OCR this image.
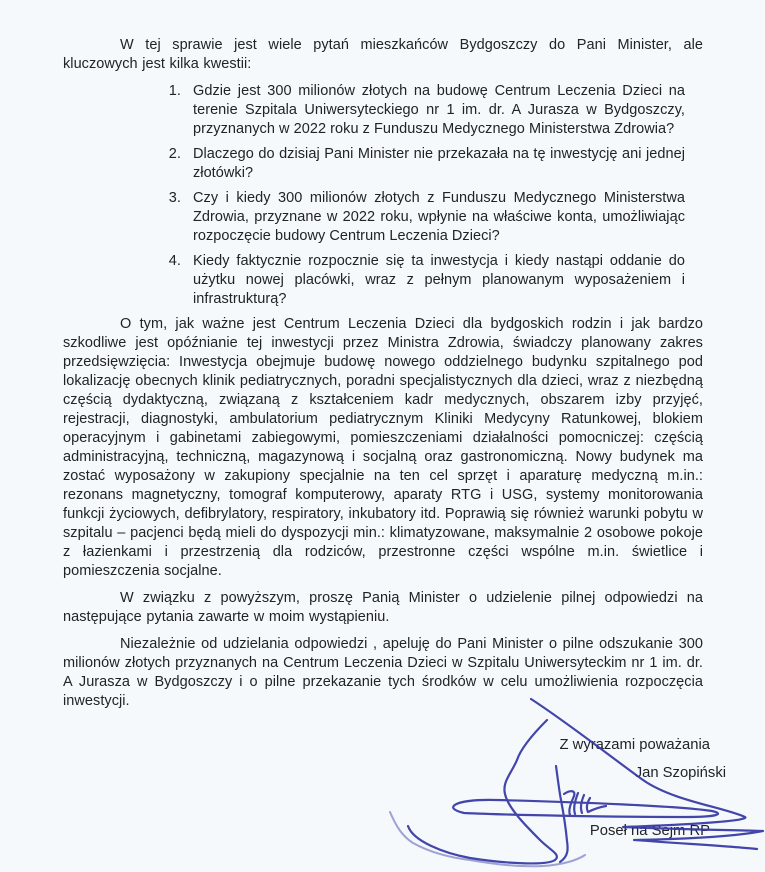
W tej sprawie jest wiele pytań mieszkańców Bydgoszczy do Pani Minister, ale kluczowych jest kilka kwestii:

1. Gdzie jest 300 milionów złotych na budowę Centrum Leczenia Dzieci na terenie Szpitala Uniwersyteckiego nr 1 im. dr. A Jurasza w Bydgoszczy, przyznanych w 2022 roku z Funduszu Medycznego Ministerstwa Zdrowia?
2. Dlaczego do dzisiaj Pani Minister nie przekazała na tę inwestycję ani jednej złotówki?
3. Czy i kiedy 300 milionów złotych z Funduszu Medycznego Ministerstwa Zdrowia, przyznane w 2022 roku, wpłynie na właściwe konta, umożliwiając rozpoczęcie budowy Centrum Leczenia Dzieci?
4. Kiedy faktycznie rozpocznie się ta inwestycja i kiedy nastąpi oddanie do użytku nowej placówki, wraz z pełnym planowanym wyposażeniem i infrastrukturą?

O tym, jak ważne jest Centrum Leczenia Dzieci dla bydgoskich rodzin i jak bardzo szkodliwe jest opóźnianie tej inwestycji przez Ministra Zdrowia, świadczy planowany zakres przedsięwzięcia: Inwestycja obejmuje budowę nowego oddzielnego budynku szpitalnego pod lokalizację obecnych klinik pediatrycznych, poradni specjalistycznych dla dzieci, wraz z niezbędną częścią dydaktyczną, związaną z kształceniem kadr medycznych, obszarem izby przyjęć, rejestracji, diagnostyki, ambulatorium pediatrycznym Kliniki Medycyny Ratunkowej, blokiem operacyjnym i gabinetami zabiegowymi, pomieszczeniami działalności pomocniczej: częścią administracyjną, techniczną, magazynową i socjalną oraz gastronomiczną. Nowy budynek ma zostać wyposażony w zakupiony specjalnie na ten cel sprzęt i aparaturę medyczną m.in.: rezonans magnetyczny, tomograf komputerowy, aparaty RTG i USG, systemy monitorowania funkcji życiowych, defibrylatory, respiratory, inkubatory itd. Poprawią się również warunki pobytu w szpitalu – pacjenci będą mieli do dyspozycji min.: klimatyzowane, maksymalnie 2 osobowe pokoje z łazienkami i przestrzenią dla rodziców, przestronne części wspólne m.in. świetlice i pomieszczenia socjalne.

W związku z powyższym, proszę Panią Minister o udzielenie pilnej odpowiedzi na następujące pytania zawarte w moim wystąpieniu.

Niezależnie od udzielania odpowiedzi , apeluję do Pani Minister o pilne odszukanie 300 milionów złotych przyznanych na Centrum Leczenia Dzieci w Szpitalu Uniwersyteckim nr 1 im. dr. A Jurasza w Bydgoszczy i o pilne przekazanie tych środków w celu umożliwienia rozpoczęcia inwestycji.

Z wyrazami poważania

Jan Szopiński

Poseł na Sejm RP
